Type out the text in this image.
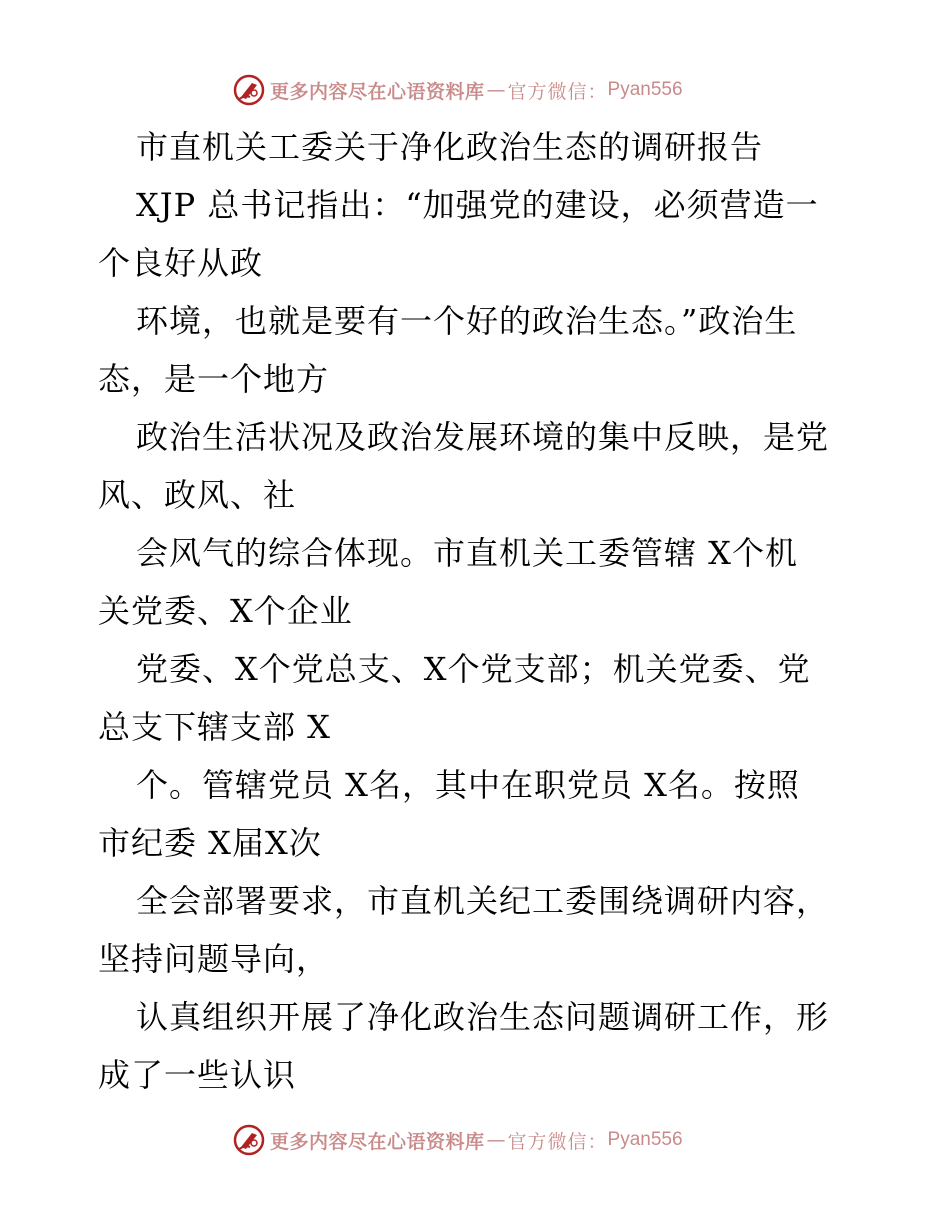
更多内容尽在心语资料库 — 官方微信： Pyan556
市直机关工委关于净化政治生态的调研报告
XJP 总书记指出：“加强党的建设，必须营造一
个良好从政
环境，也就是要有一个好的政治生态。”政治生
态，是一个地方
政治生活状况及政治发展环境的集中反映，是党
风、政风、社
会风气的综合体现。市直机关工委管辖 X个机
关党委、X个企业
党委、X个党总支、X个党支部；机关党委、党
总支下辖支部 X
个。管辖党员 X名，其中在职党员 X名。按照
市纪委 X届X次
全会部署要求，市直机关纪工委围绕调研内容，
坚持问题导向，
认真组织开展了净化政治生态问题调研工作，形
成了一些认识
更多内容尽在心语资料库 — 官方微信： Pyan556
